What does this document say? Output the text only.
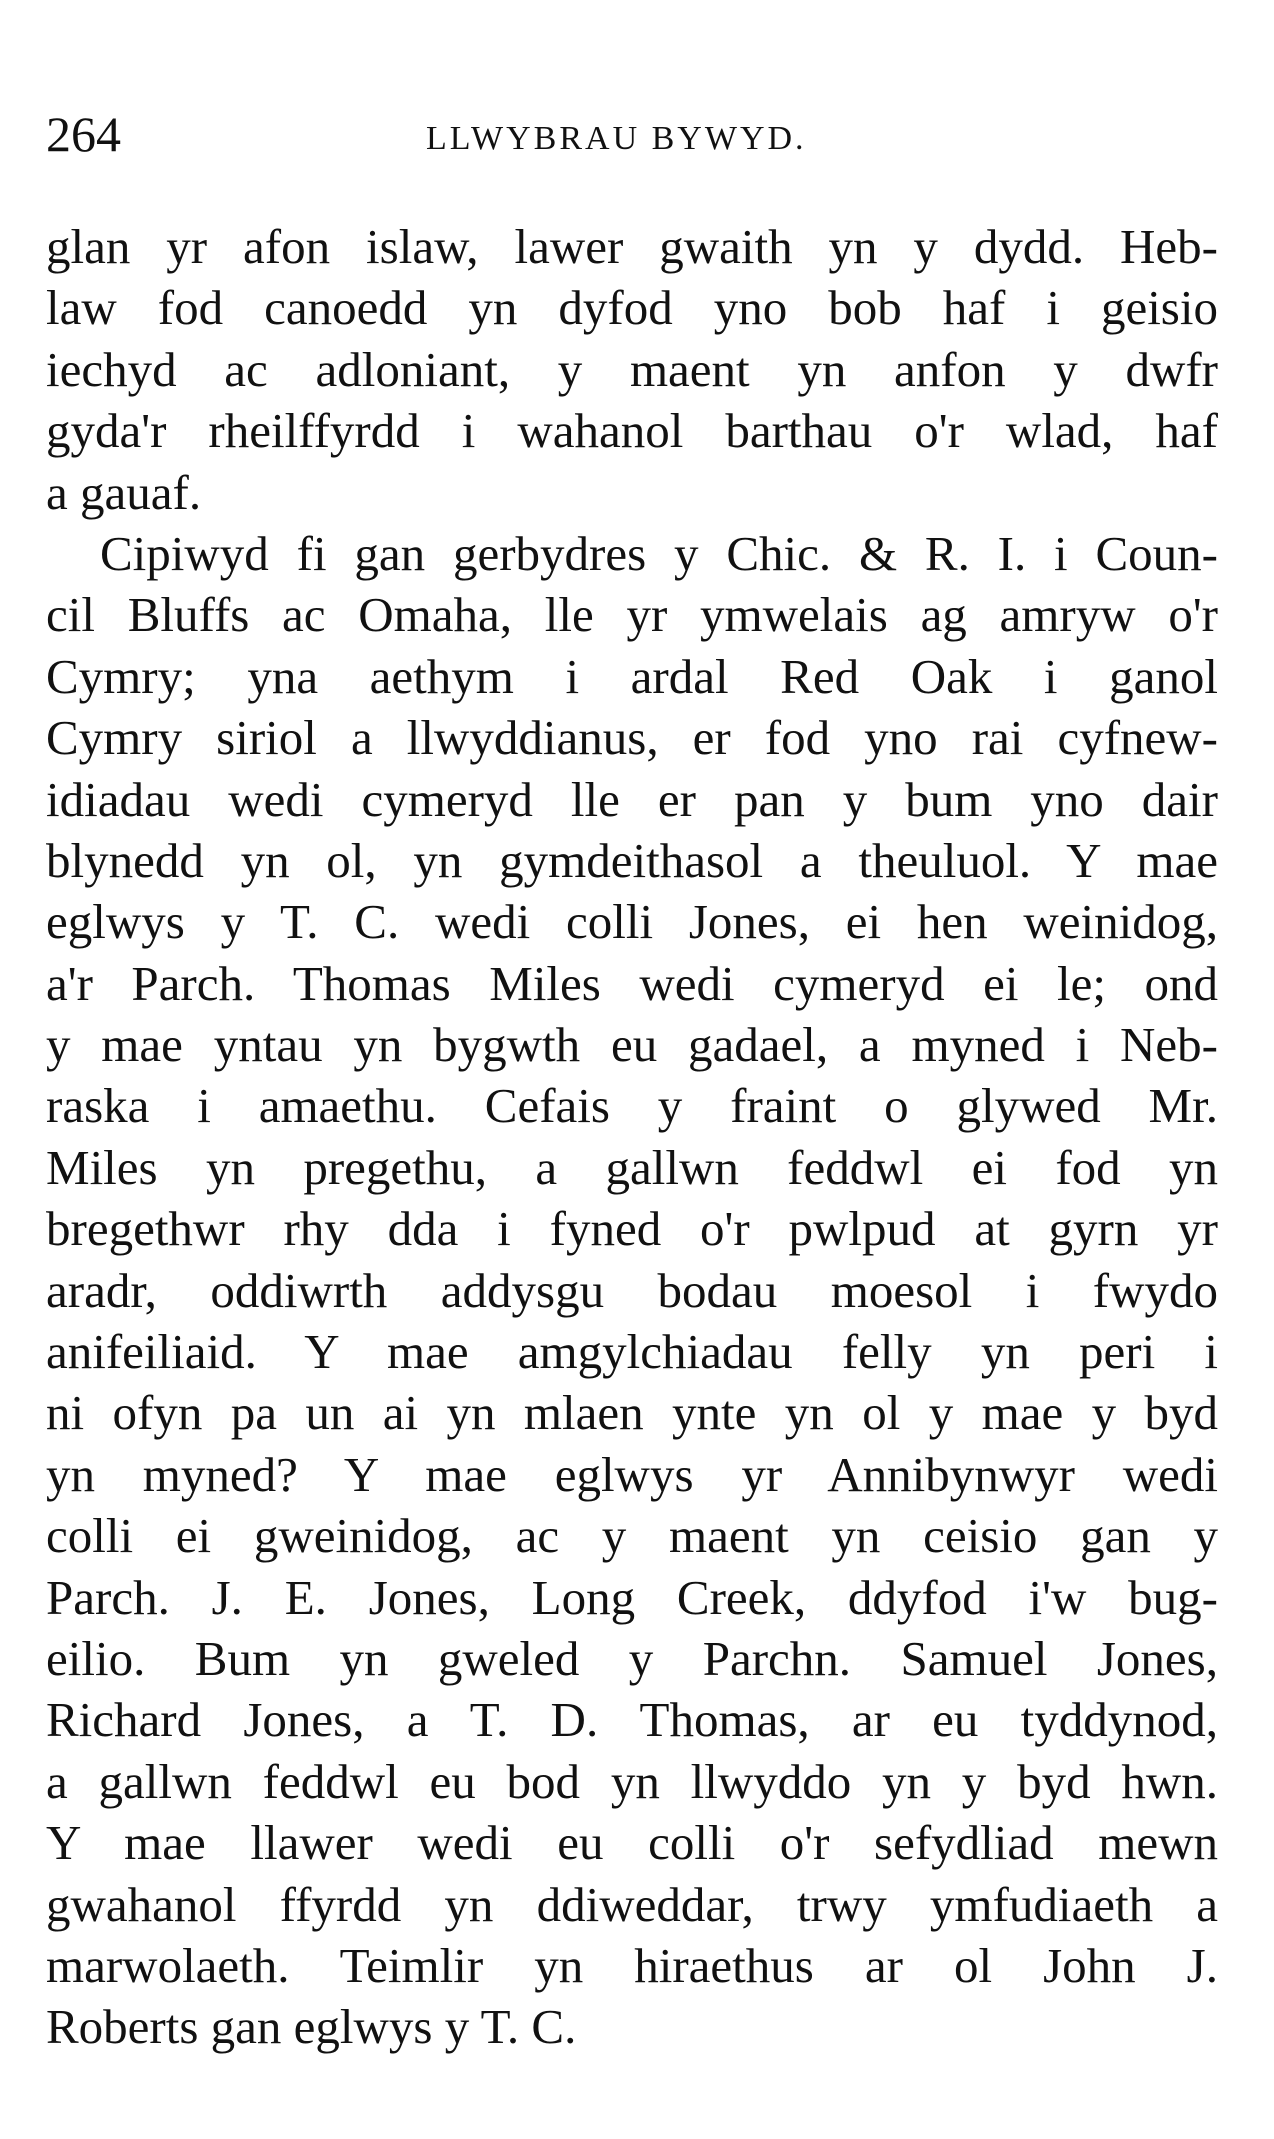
264	LLWYBRAU BYWYD.
glan yr afon islaw, lawer gwaith yn y dydd. Heb-
law fod canoedd yn dyfod yno bob haf i geisio
iechyd ac adloniant, y maent yn anfon y dwfr
gyda'r rheilffyrdd i wahanol barthau o'r wlad, haf
a gauaf.
Cipiwyd fi gan gerbydres y Chic. & R. I. i Coun-
cil Bluffs ac Omaha, lle yr ymwelais ag amryw o'r
Cymry; yna aethym i ardal Red Oak i ganol
Cymry siriol a llwyddianus, er fod yno rai cyfnew-
idiadau wedi cymeryd lle er pan y bum yno dair
blynedd yn ol, yn gymdeithasol a theuluol. Y mae
eglwys y T. C. wedi colli Jones, ei hen weinidog,
a'r Parch. Thomas Miles wedi cymeryd ei le; ond
y mae yntau yn bygwth eu gadael, a myned i Neb-
raska i amaethu. Cefais y fraint o glywed Mr.
Miles yn pregethu, a gallwn feddwl ei fod yn
bregethwr rhy dda i fyned o'r pwlpud at gyrn yr
aradr, oddiwrth addysgu bodau moesol i fwydo
anifeiliaid. Y mae amgylchiadau felly yn peri i
ni ofyn pa un ai yn mlaen ynte yn ol y mae y byd
yn myned? Y mae eglwys yr Annibynwyr wedi
colli ei gweinidog, ac y maent yn ceisio gan y
Parch. J. E. Jones, Long Creek, ddyfod i'w bug-
eilio. Bum yn gweled y Parchn. Samuel Jones,
Richard Jones, a T. D. Thomas, ar eu tyddynod,
a gallwn feddwl eu bod yn llwyddo yn y byd hwn.
Y mae llawer wedi eu colli o'r sefydliad mewn
gwahanol ffyrdd yn ddiweddar, trwy ymfudiaeth a
marwolaeth. Teimlir yn hiraethus ar ol John J.
Roberts gan eglwys y T. C.
